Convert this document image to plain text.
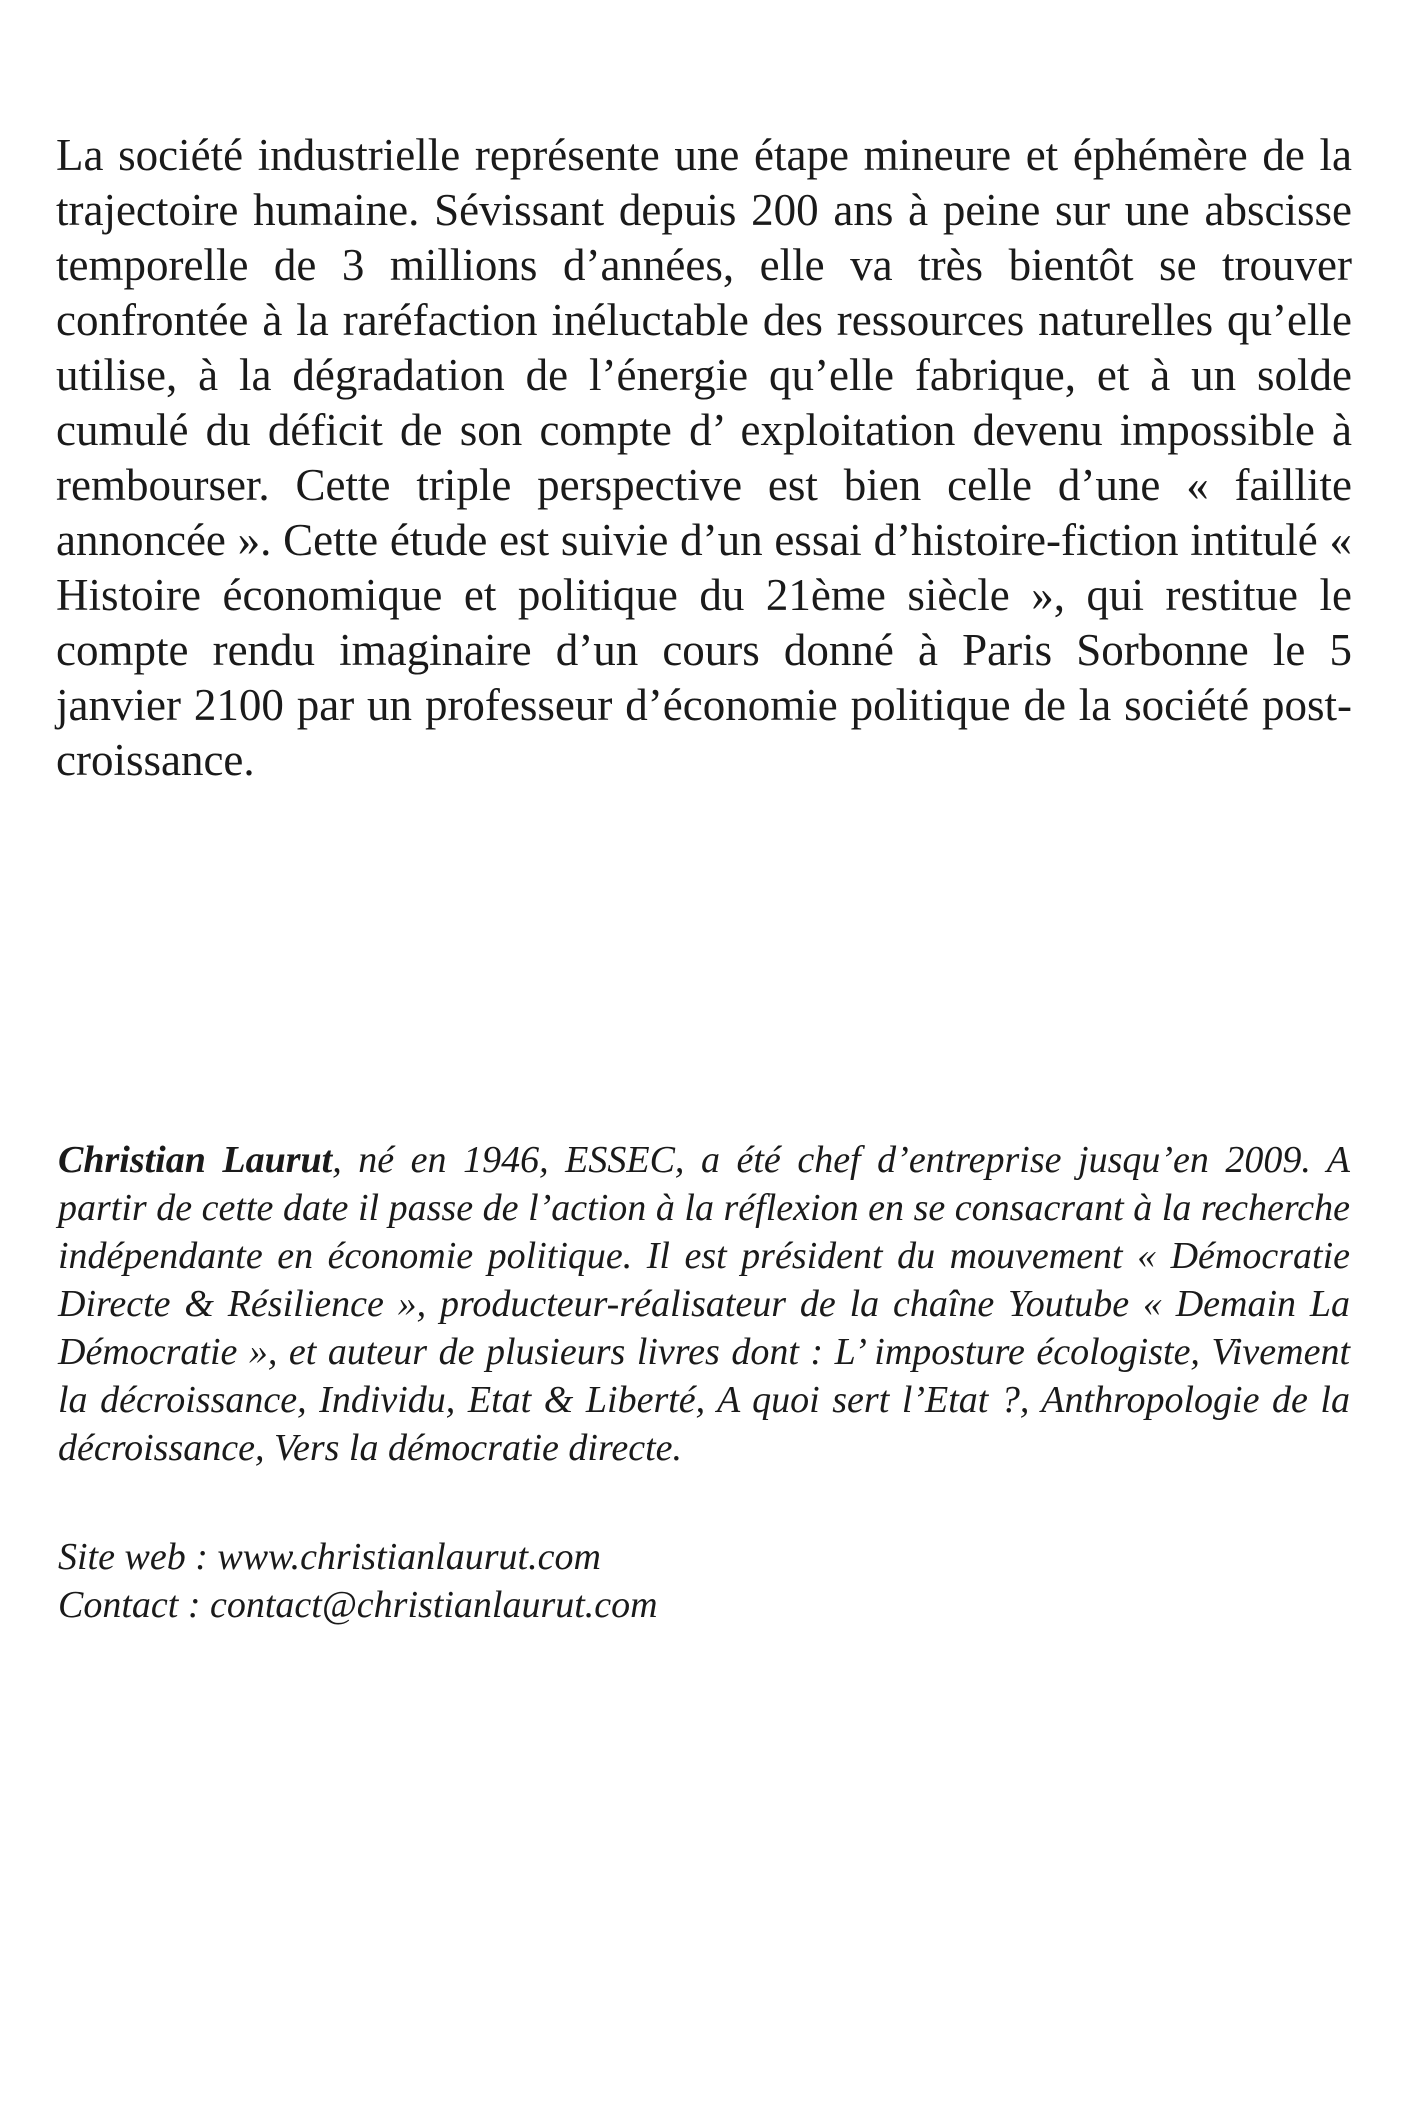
La société industrielle représente une étape mineure et éphémère de la trajectoire humaine. Sévissant depuis 200 ans à peine sur une abscisse temporelle de 3 millions d’années, elle va très bientôt se trouver confrontée à la raréfaction inéluctable des ressources naturelles qu’elle utilise, à la dégradation de l’énergie qu’elle fabrique, et à un solde cumulé du déficit de son compte d’ exploitation devenu impossible à rembourser. Cette triple perspective est bien celle d’une « faillite annoncée ». Cette étude est suivie d’un essai d’histoire-fiction intitulé « Histoire économique et politique du 21ème siècle », qui restitue le compte rendu imaginaire d’un cours donné à Paris Sorbonne le 5 janvier 2100 par un professeur d’économie politique de la société post-croissance.

Christian Laurut, né en 1946, ESSEC, a été chef d’entreprise jusqu’en 2009. A partir de cette date il passe de l’action à la réflexion en se consacrant à la recherche indépendante en économie politique. Il est président du mouvement « Démocratie Directe & Résilience », producteur-réalisateur de la chaîne Youtube « Demain La Démocratie », et auteur de plusieurs livres dont : L’ imposture écologiste, Vivement la décroissance, Individu, Etat & Liberté, A quoi sert l’Etat ?, Anthropologie de la décroissance, Vers la démocratie directe.

Site web : www.christianlaurut.com
Contact : contact@christianlaurut.com
